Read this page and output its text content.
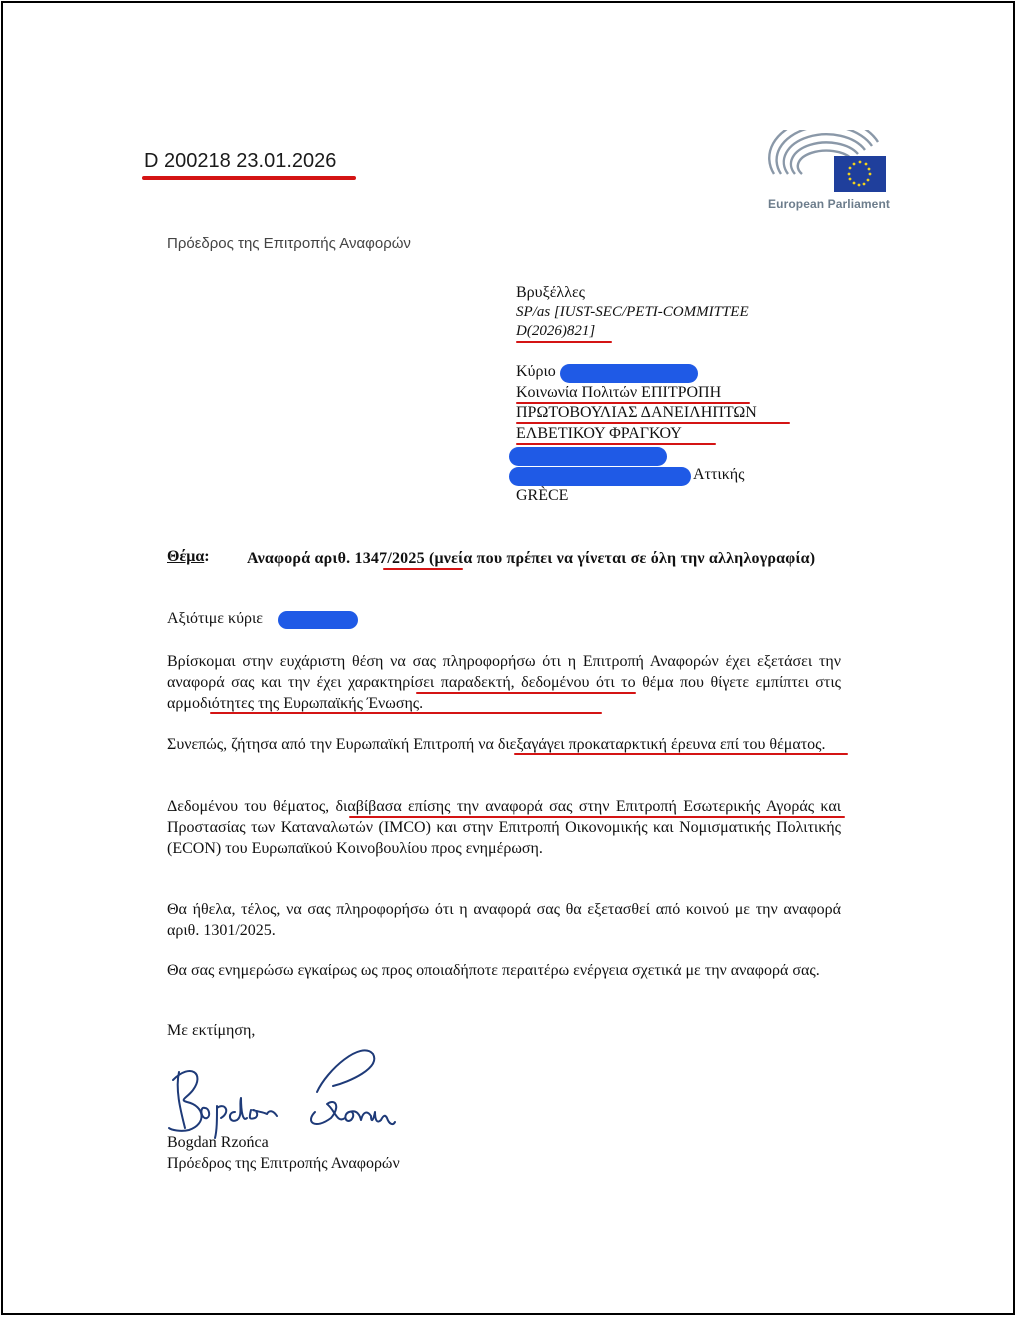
D 200218 23.01.2026
European Parliament
Πρόεδρος της Επιτροπής Αναφορών
Βρυξέλλες
SP/as [IUST-SEC/PETI-COMMITTEE
D(2026)821]
Κύριο
Κοινωνία Πολιτών ΕΠΙΤΡΟΠΗ
ΠΡΩΤΟΒΟΥΛΙΑΣ ΔΑΝΕΙΛΗΠΤΩΝ
ΕΛΒΕΤΙΚΟΥ ΦΡΑΓΚΟΥ
Αττικής
GRÈCE
Θέμα: Αναφορά αριθ. 1347/2025 (μνεία που πρέπει να γίνεται σε όλη την αλληλογραφία)
Αξιότιμε κύριε
Βρίσκομαι στην ευχάριστη θέση να σας πληροφορήσω ότι η Επιτροπή Αναφορών έχει εξετάσει την αναφορά σας και την έχει χαρακτηρίσει παραδεκτή, δεδομένου ότι το θέμα που θίγετε εμπίπτει στις αρμοδιότητες της Ευρωπαϊκής Ένωσης.
Συνεπώς, ζήτησα από την Ευρωπαϊκή Επιτροπή να διεξαγάγει προκαταρκτική έρευνα επί του θέματος.
Δεδομένου του θέματος, διαβίβασα επίσης την αναφορά σας στην Επιτροπή Εσωτερικής Αγοράς και Προστασίας των Καταναλωτών (IMCO) και στην Επιτροπή Οικονομικής και Νομισματικής Πολιτικής (ECON) του Ευρωπαϊκού Κοινοβουλίου προς ενημέρωση.
Θα ήθελα, τέλος, να σας πληροφορήσω ότι η αναφορά σας θα εξετασθεί από κοινού με την αναφορά αριθ. 1301/2025.
Θα σας ενημερώσω εγκαίρως ως προς οποιαδήποτε περαιτέρω ενέργεια σχετικά με την αναφορά σας.
Με εκτίμηση,
Bogdan Rzońca
Πρόεδρος της Επιτροπής Αναφορών
